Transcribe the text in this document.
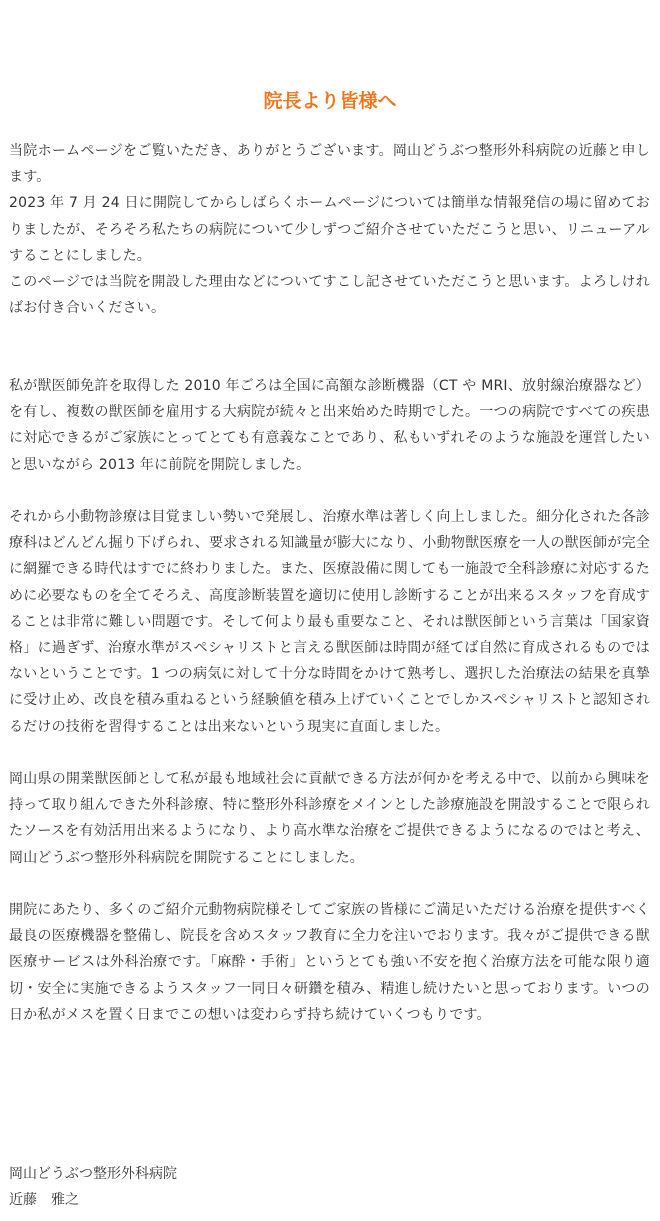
院長より皆様へ

当院ホームページをご覧いただき、ありがとうございます。岡山どうぶつ整形外科病院の近藤と申します。

2023 年 7 月 24 日に開院してからしばらくホームページについては簡単な情報発信の場に留めておりましたが、そろそろ私たちの病院について少しずつご紹介させていただこうと思い、リニューアルすることにしました。

このページでは当院を開設した理由などについてすこし記させていただこうと思います。よろしければお付き合いください。

私が獣医師免許を取得した 2010 年ごろは全国に高額な診断機器（CT や MRI、放射線治療器など）を有し、複数の獣医師を雇用する大病院が続々と出来始めた時期でした。一つの病院ですべての疾患に対応できるがご家族にとってとても有意義なことであり、私もいずれそのような施設を運営したいと思いながら 2013 年に前院を開院しました。

それから小動物診療は目覚ましい勢いで発展し、治療水準は著しく向上しました。細分化された各診療科はどんどん掘り下げられ、要求される知識量が膨大になり、小動物獣医療を一人の獣医師が完全に網羅できる時代はすでに終わりました。また、医療設備に関しても一施設で全科診療に対応するために必要なものを全てそろえ、高度診断装置を適切に使用し診断することが出来るスタッフを育成することは非常に難しい問題です。そして何より最も重要なこと、それは獣医師という言葉は「国家資格」に過ぎず、治療水準がスペシャリストと言える獣医師は時間が経てば自然に育成されるものではないということです。1 つの病気に対して十分な時間をかけて熟考し、選択した治療法の結果を真摯に受け止め、改良を積み重ねるという経験値を積み上げていくことでしかスペシャリストと認知されるだけの技術を習得することは出来ないという現実に直面しました。

岡山県の開業獣医師として私が最も地域社会に貢献できる方法が何かを考える中で、以前から興味を持って取り組んできた外科診療、特に整形外科診療をメインとした診療施設を開設することで限られたソースを有効活用出来るようになり、より高水準な治療をご提供できるようになるのではと考え、岡山どうぶつ整形外科病院を開院することにしました。

開院にあたり、多くのご紹介元動物病院様そしてご家族の皆様にご満足いただける治療を提供すべく最良の医療機器を整備し、院長を含めスタッフ教育に全力を注いでおります。我々がご提供できる獣医療サービスは外科治療です。「麻酔・手術」というとても強い不安を抱く治療方法を可能な限り適切・安全に実施できるようスタッフ一同日々研鑽を積み、精進し続けたいと思っております。いつの日か私がメスを置く日までこの想いは変わらず持ち続けていくつもりです。

岡山どうぶつ整形外科病院
近藤　雅之
